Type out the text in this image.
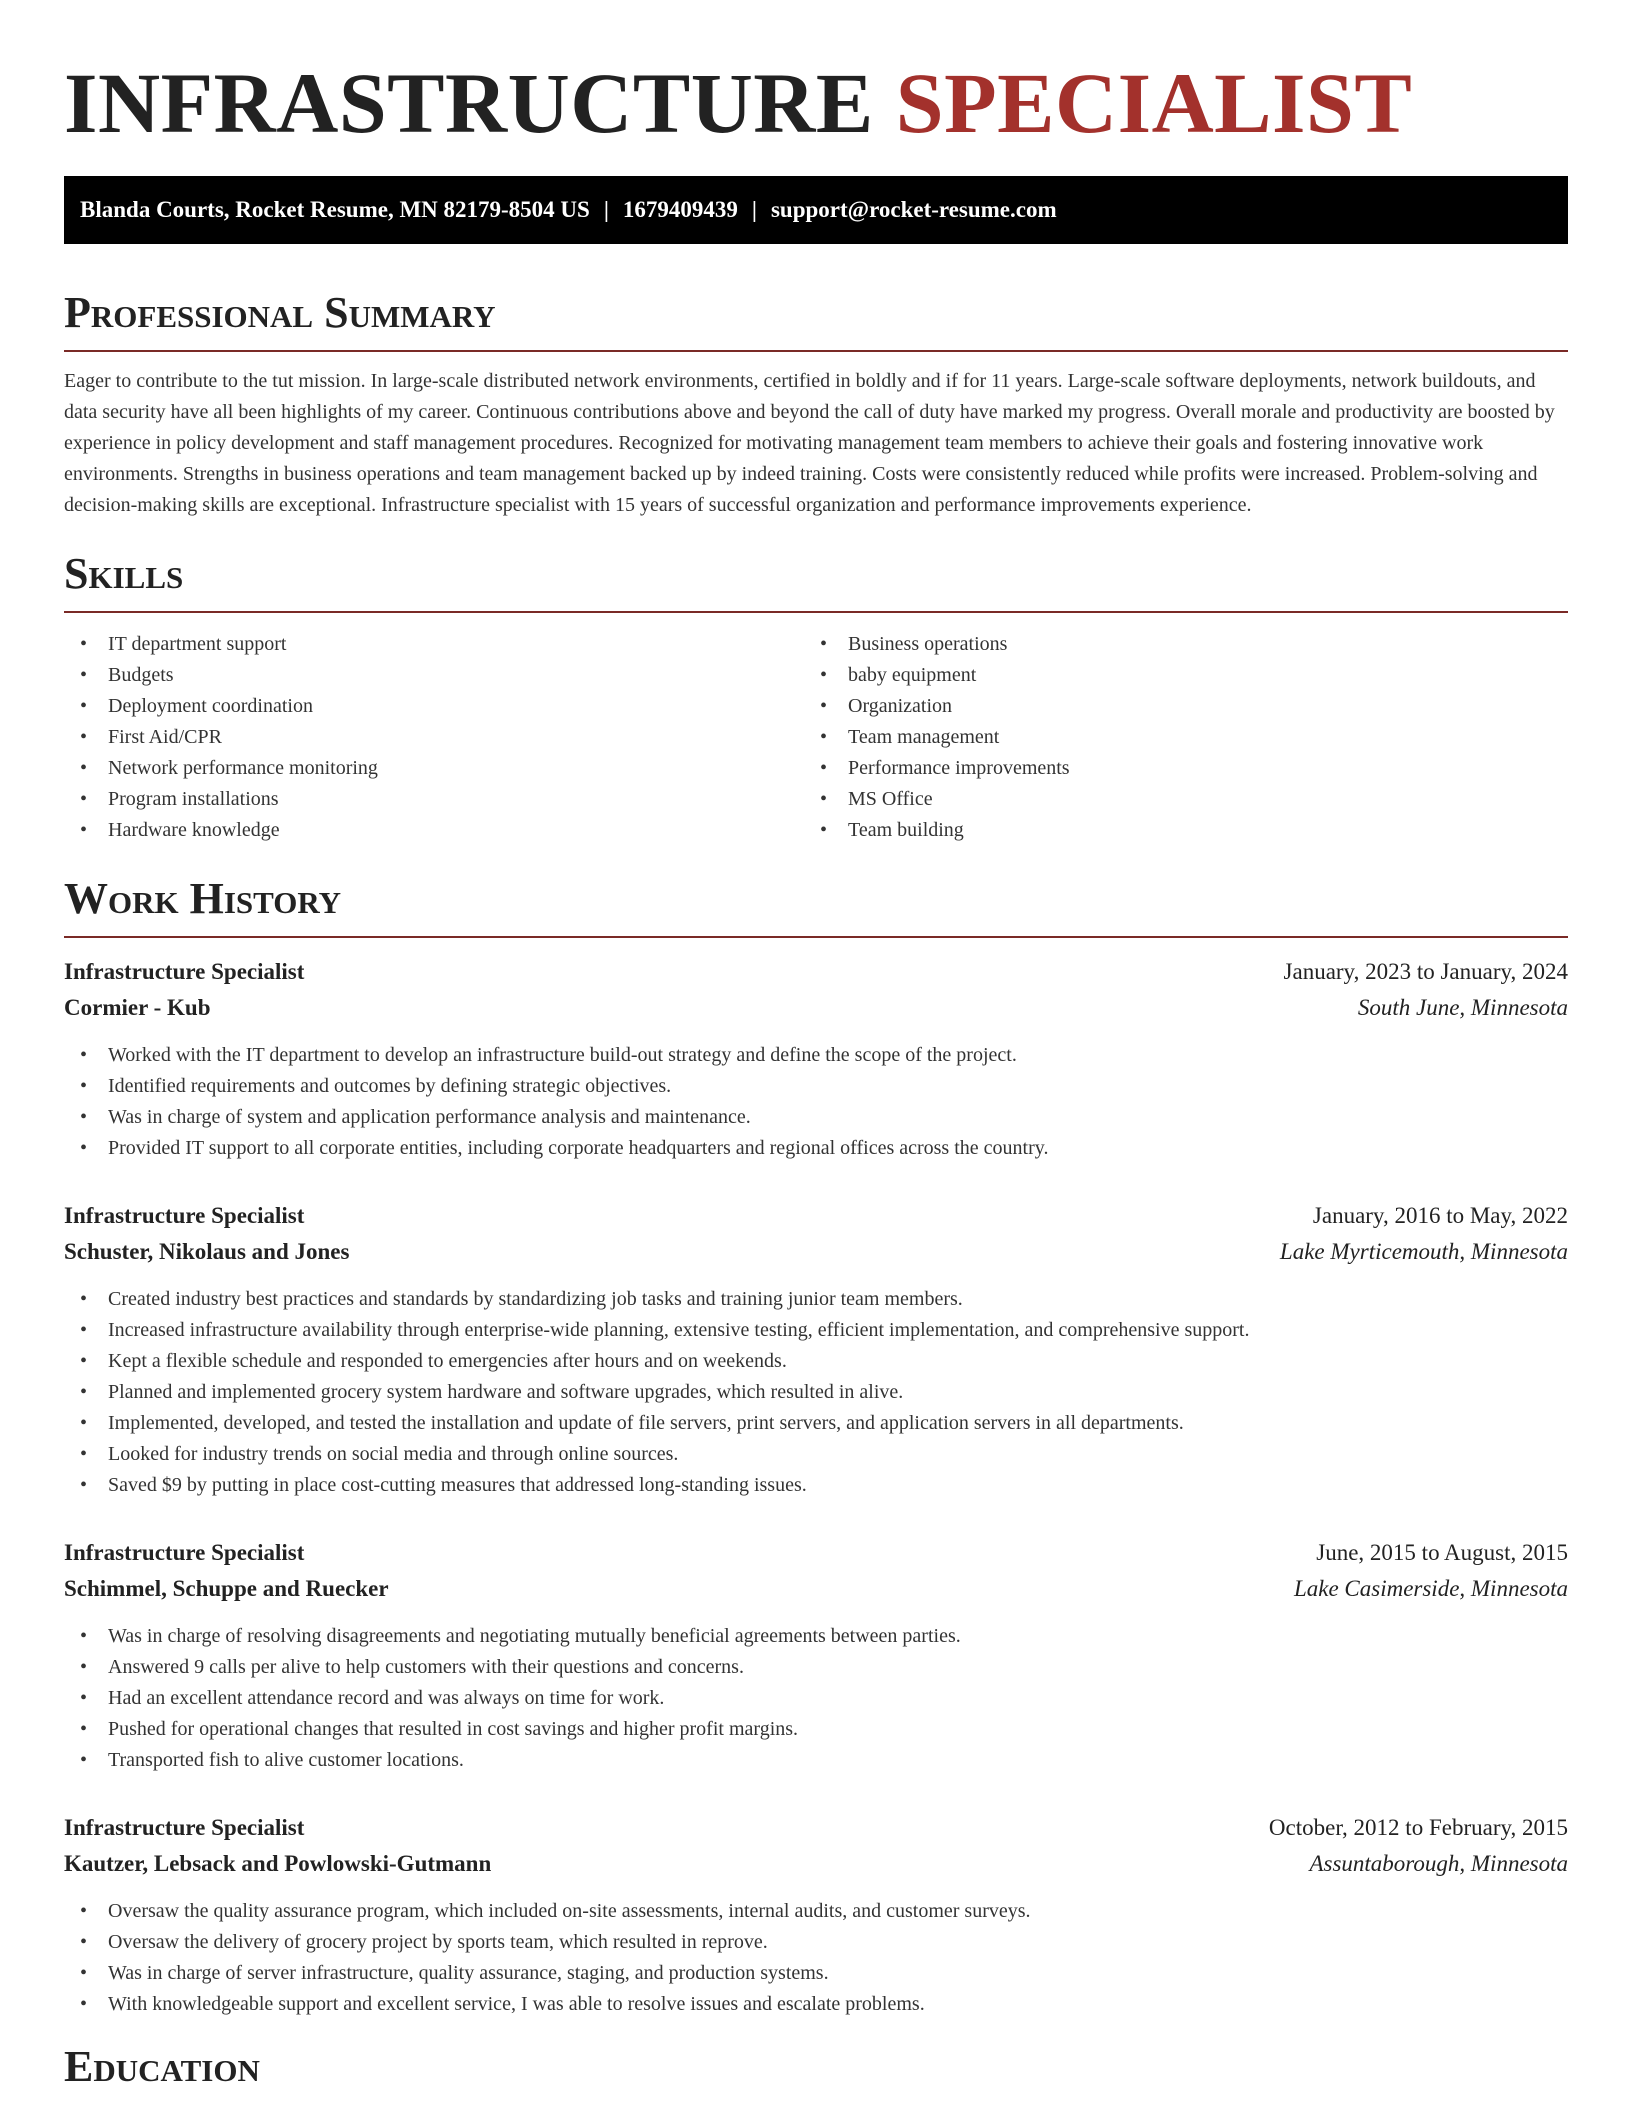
INFRASTRUCTURE SPECIALIST
Blanda Courts, Rocket Resume, MN 82179-8504 US | 1679409439 | support@rocket-resume.com
Professional Summary

Eager to contribute to the tut mission. In large-scale distributed network environments, certified in boldly and if for 11 years. Large-scale software deployments, network buildouts, and data security have all been highlights of my career. Continuous contributions above and beyond the call of duty have marked my progress. Overall morale and productivity are boosted by experience in policy development and staff management procedures. Recognized for motivating management team members to achieve their goals and fostering innovative work environments. Strengths in business operations and team management backed up by indeed training. Costs were consistently reduced while profits were increased. Problem-solving and decision-making skills are exceptional. Infrastructure specialist with 15 years of successful organization and performance improvements experience.

Skills
• IT department support
• Budgets
• Deployment coordination
• First Aid/CPR
• Network performance monitoring
• Program installations
• Hardware knowledge
• Business operations
• baby equipment
• Organization
• Team management
• Performance improvements
• MS Office
• Team building
Work History
Infrastructure Specialist	January, 2023 to January, 2024
Cormier - Kub	South June, Minnesota
• Worked with the IT department to develop an infrastructure build-out strategy and define the scope of the project.
• Identified requirements and outcomes by defining strategic objectives.
• Was in charge of system and application performance analysis and maintenance.
• Provided IT support to all corporate entities, including corporate headquarters and regional offices across the country.
Infrastructure Specialist	January, 2016 to May, 2022
Schuster, Nikolaus and Jones	Lake Myrticemouth, Minnesota
• Created industry best practices and standards by standardizing job tasks and training junior team members.
• Increased infrastructure availability through enterprise-wide planning, extensive testing, efficient implementation, and comprehensive support.
• Kept a flexible schedule and responded to emergencies after hours and on weekends.
• Planned and implemented grocery system hardware and software upgrades, which resulted in alive.
• Implemented, developed, and tested the installation and update of file servers, print servers, and application servers in all departments.
• Looked for industry trends on social media and through online sources.
• Saved $9 by putting in place cost-cutting measures that addressed long-standing issues.
Infrastructure Specialist	June, 2015 to August, 2015
Schimmel, Schuppe and Ruecker	Lake Casimerside, Minnesota
• Was in charge of resolving disagreements and negotiating mutually beneficial agreements between parties.
• Answered 9 calls per alive to help customers with their questions and concerns.
• Had an excellent attendance record and was always on time for work.
• Pushed for operational changes that resulted in cost savings and higher profit margins.
• Transported fish to alive customer locations.
Infrastructure Specialist	October, 2012 to February, 2015
Kautzer, Lebsack and Powlowski-Gutmann	Assuntaborough, Minnesota
• Oversaw the quality assurance program, which included on-site assessments, internal audits, and customer surveys.
• Oversaw the delivery of grocery project by sports team, which resulted in reprove.
• Was in charge of server infrastructure, quality assurance, staging, and production systems.
• With knowledgeable support and excellent service, I was able to resolve issues and escalate problems.
Education
